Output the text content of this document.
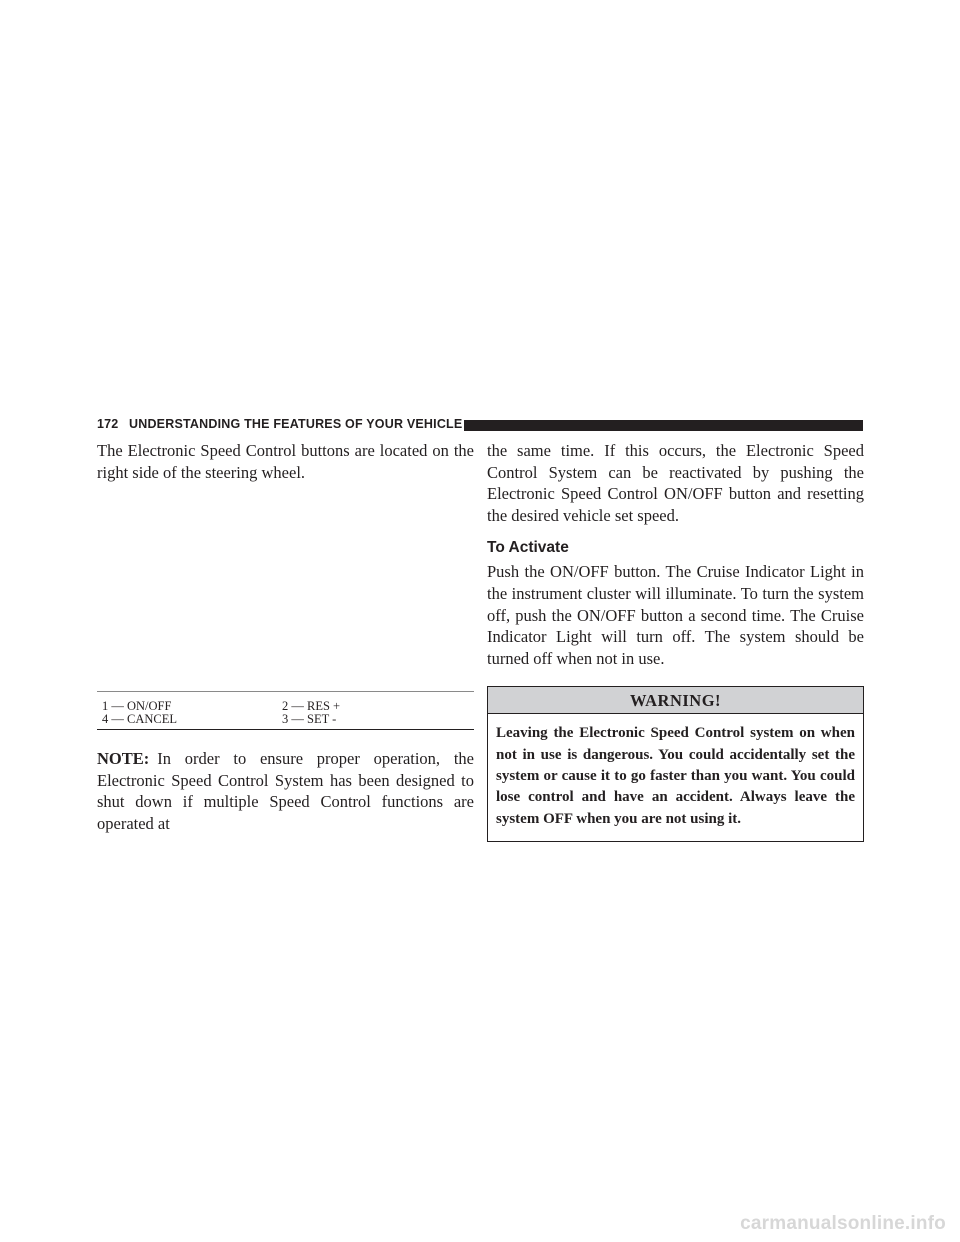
172 UNDERSTANDING THE FEATURES OF YOUR VEHICLE

The Electronic Speed Control buttons are located on the right side of the steering wheel.

1 — ON/OFF	2 — RES +
4 — CANCEL	3 — SET -

NOTE: In order to ensure proper operation, the Electronic Speed Control System has been designed to shut down if multiple Speed Control functions are operated at

the same time. If this occurs, the Electronic Speed Control System can be reactivated by pushing the Electronic Speed Control ON/OFF button and resetting the desired vehicle set speed.

To Activate

Push the ON/OFF button. The Cruise Indicator Light in the instrument cluster will illuminate. To turn the system off, push the ON/OFF button a second time. The Cruise Indicator Light will turn off. The system should be turned off when not in use.

WARNING!
Leaving the Electronic Speed Control system on when not in use is dangerous. You could accidentally set the system or cause it to go faster than you want. You could lose control and have an accident. Always leave the system OFF when you are not using it.
carmanualsonline.info
